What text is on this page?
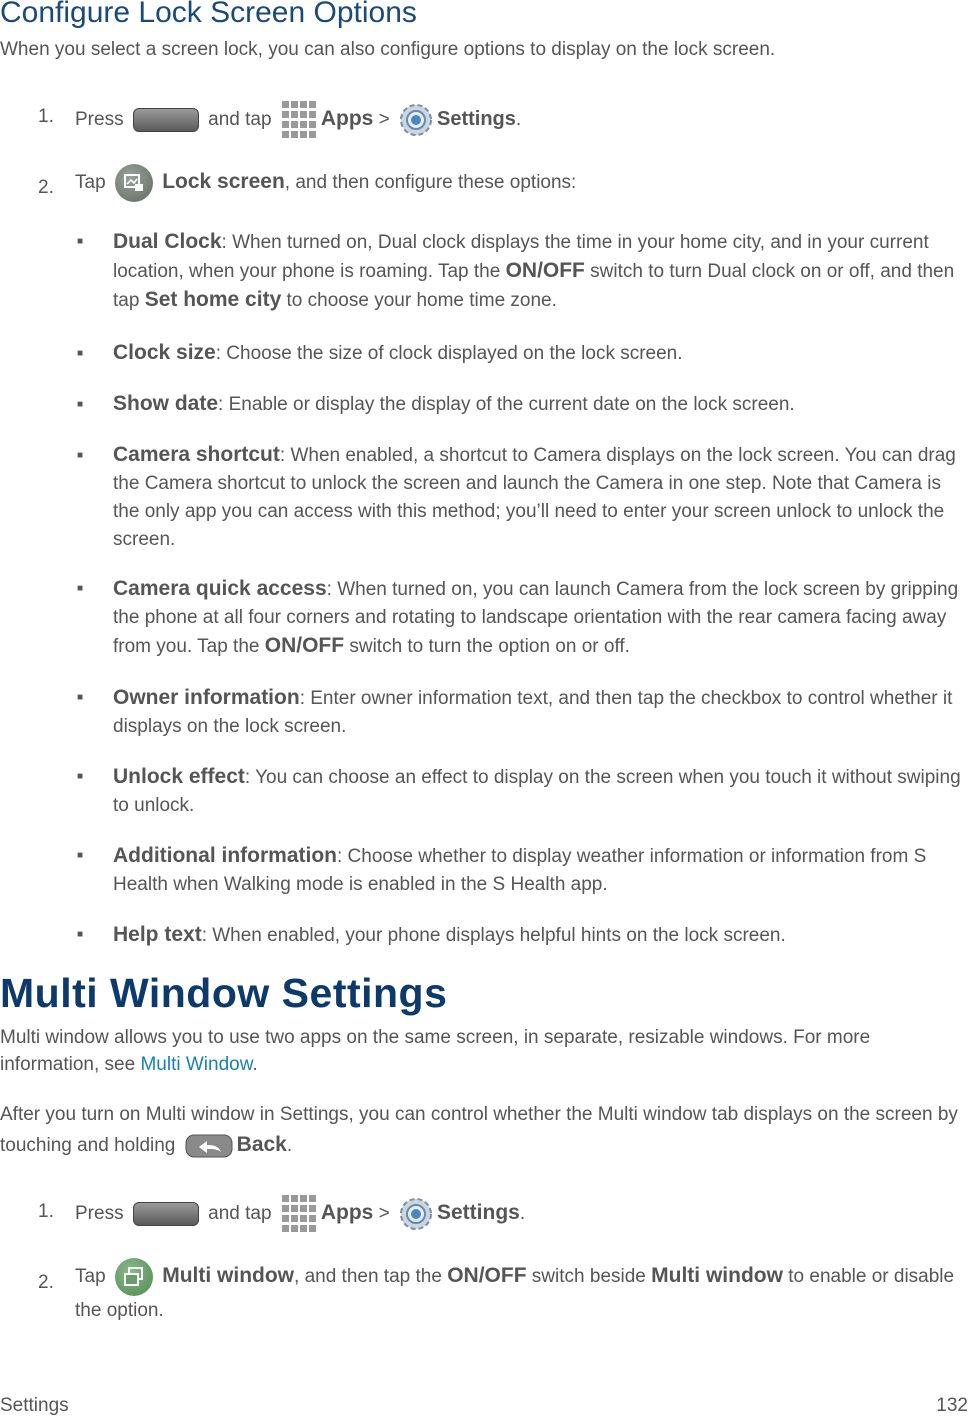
Configure Lock Screen Options
When you select a screen lock, you can also configure options to display on the lock screen.
1. Press	and tap Apps > Settings.
2. Tap	Lock screen, and then configure these options:
■ Dual Clock: When turned on, Dual clock displays the time in your home city, and in your current location, when your phone is roaming. Tap the ON/OFF switch to turn Dual clock on or off, and then tap Set home city to choose your home time zone.
■ Clock size: Choose the size of clock displayed on the lock screen.
■ Show date: Enable or display the display of the current date on the lock screen.
■ Camera shortcut: When enabled, a shortcut to Camera displays on the lock screen. You can drag the Camera shortcut to unlock the screen and launch the Camera in one step. Note that Camera is the only app you can access with this method; you’ll need to enter your screen unlock to unlock the screen.
■ Camera quick access: When turned on, you can launch Camera from the lock screen by gripping the phone at all four corners and rotating to landscape orientation with the rear camera facing away from you. Tap the ON/OFF switch to turn the option on or off.
■ Owner information: Enter owner information text, and then tap the checkbox to control whether it displays on the lock screen.
■ Unlock effect: You can choose an effect to display on the screen when you touch it without swiping to unlock.
■ Additional information: Choose whether to display weather information or information from S Health when Walking mode is enabled in the S Health app.
■ Help text: When enabled, your phone displays helpful hints on the lock screen.
Multi Window Settings
Multi window allows you to use two apps on the same screen, in separate, resizable windows. For more information, see Multi Window.
After you turn on Multi window in Settings, you can control whether the Multi window tab displays on the screen by touching and holding	Back.
1. Press	and tap Apps > Settings.
2. Tap	Multi window, and then tap the ON/OFF switch beside Multi window to enable or disable the option.
Settings	132
